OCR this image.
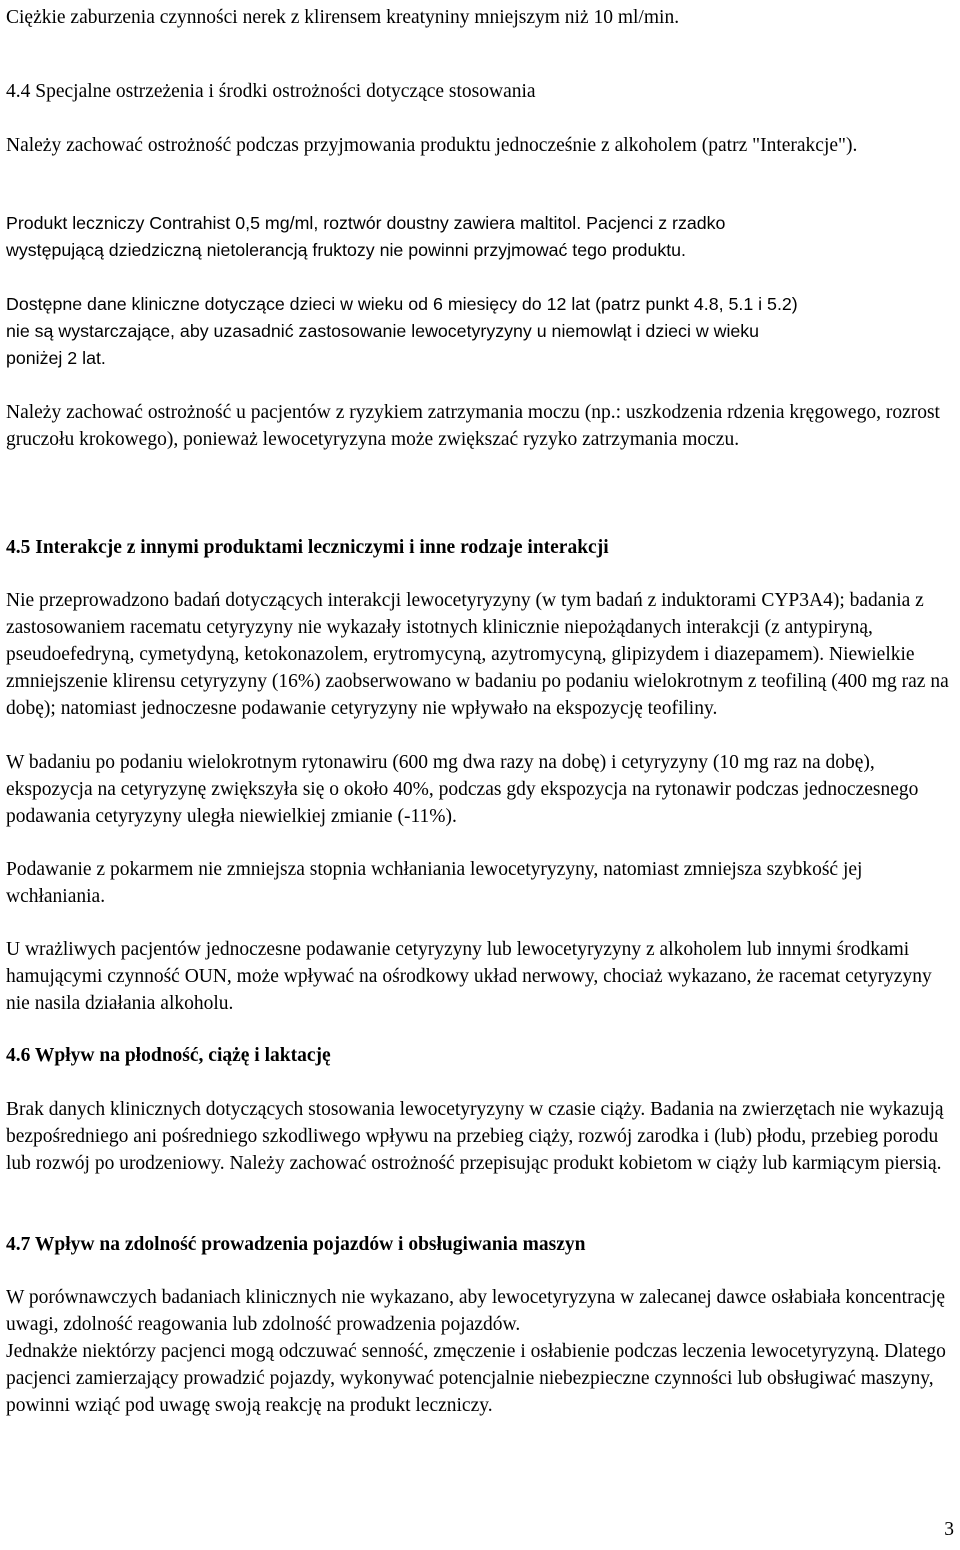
Ciężkie zaburzenia czynności nerek z klirensem kreatyniny mniejszym niż 10 ml/min.

4.4 Specjalne ostrzeżenia i środki ostrożności dotyczące stosowania

Należy zachować ostrożność podczas przyjmowania produktu jednocześnie z alkoholem (patrz "Interakcje").

Produkt leczniczy Contrahist 0,5 mg/ml, roztwór doustny zawiera maltitol. Pacjenci z rzadko
występującą dziedziczną nietolerancją fruktozy nie powinni przyjmować tego produktu.
Dostępne dane kliniczne dotyczące dzieci w wieku od 6 miesięcy do 12 lat (patrz punkt 4.8, 5.1 i 5.2)
nie są wystarczające, aby uzasadnić zastosowanie lewocetyryzyny u niemowląt i dzieci w wieku
poniżej 2 lat.

Należy zachować ostrożność u pacjentów z ryzykiem zatrzymania moczu (np.: uszkodzenia rdzenia kręgowego, rozrost gruczołu krokowego), ponieważ lewocetyryzyna może zwiększać ryzyko zatrzymania moczu.

4.5 Interakcje z innymi produktami leczniczymi i inne rodzaje interakcji

Nie przeprowadzono badań dotyczących interakcji lewocetyryzyny (w tym badań z induktorami CYP3A4); badania z zastosowaniem racematu cetyryzyny nie wykazały istotnych klinicznie niepożądanych interakcji (z antypiryną, pseudoefedryną, cymetydyną, ketokonazolem, erytromycyną, azytromycyną, glipizydem i diazepamem). Niewielkie zmniejszenie klirensu cetyryzyny (16%) zaobserwowano w badaniu po podaniu wielokrotnym z teofiliną (400 mg raz na dobę); natomiast jednoczesne podawanie cetyryzyny nie wpływało na ekspozycję teofiliny.

W badaniu po podaniu wielokrotnym rytonawiru (600 mg dwa razy na dobę) i cetyryzyny (10 mg raz na dobę), ekspozycja na cetyryzynę zwiększyła się o około 40%, podczas gdy ekspozycja na rytonawir podczas jednoczesnego podawania cetyryzyny uległa niewielkiej zmianie (-11%).

Podawanie z pokarmem nie zmniejsza stopnia wchłaniania lewocetyryzyny, natomiast zmniejsza szybkość jej wchłaniania.

U wrażliwych pacjentów jednoczesne podawanie cetyryzyny lub lewocetyryzyny z alkoholem lub innymi środkami hamującymi czynność OUN, może wpływać na ośrodkowy układ nerwowy, chociaż wykazano, że racemat cetyryzyny nie nasila działania alkoholu.

4.6 Wpływ na płodność, ciążę i laktację

Brak danych klinicznych dotyczących stosowania lewocetyryzyny w czasie ciąży. Badania na zwierzętach nie wykazują bezpośredniego ani pośredniego szkodliwego wpływu na przebieg ciąży, rozwój zarodka i (lub) płodu, przebieg porodu lub rozwój po urodzeniowy. Należy zachować ostrożność przepisując produkt kobietom w ciąży lub karmiącym piersią.

4.7 Wpływ na zdolność prowadzenia pojazdów i obsługiwania maszyn

W porównawczych badaniach klinicznych nie wykazano, aby lewocetyryzyna w zalecanej dawce osłabiała koncentrację uwagi, zdolność reagowania lub zdolność prowadzenia pojazdów.

Jednakże niektórzy pacjenci mogą odczuwać senność, zmęczenie i osłabienie podczas leczenia lewocetyryzyną. Dlatego pacjenci zamierzający prowadzić pojazdy, wykonywać potencjalnie niebezpieczne czynności lub obsługiwać maszyny, powinni wziąć pod uwagę swoją reakcję na produkt leczniczy.

3
